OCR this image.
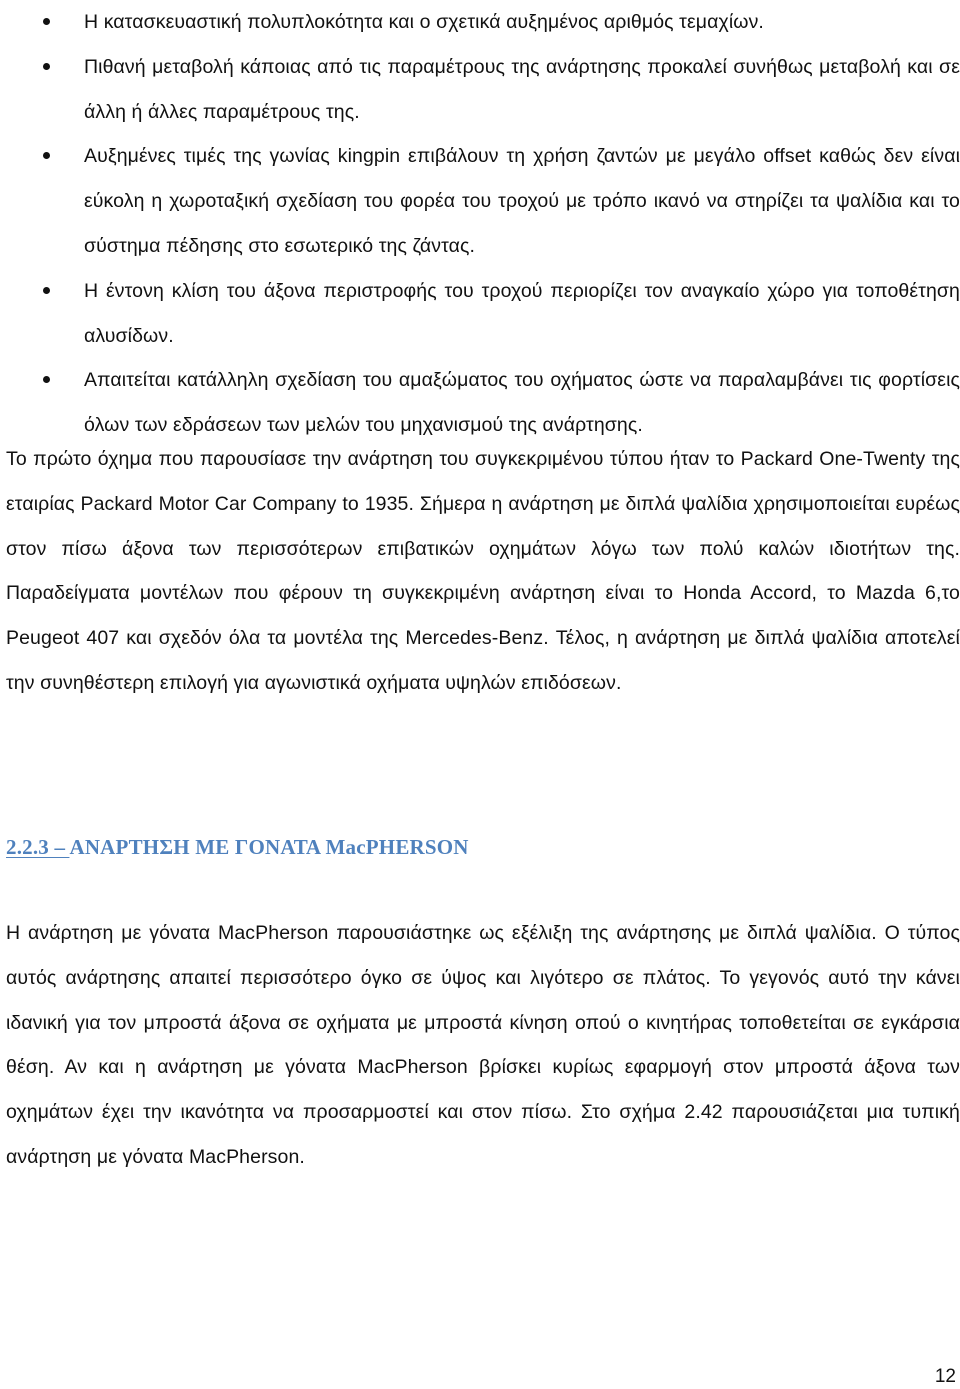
Η κατασκευαστική πολυπλοκότητα και ο σχετικά αυξημένος αριθμός τεμαχίων.
Πιθανή μεταβολή κάποιας από τις παραμέτρους της ανάρτησης προκαλεί συνήθως μεταβολή και σε άλλη ή άλλες παραμέτρους της.
Αυξημένες τιμές της γωνίας kingpin επιβάλουν τη χρήση ζαντών με μεγάλο offset καθώς δεν είναι εύκολη η χωροταξική σχεδίαση του φορέα του τροχού με τρόπο ικανό να στηρίζει τα ψαλίδια και το σύστημα πέδησης στο εσωτερικό της ζάντας.
Η έντονη κλίση του άξονα περιστροφής του τροχού περιορίζει τον αναγκαίο χώρο για τοποθέτηση αλυσίδων.
Απαιτείται κατάλληλη σχεδίαση του αμαξώματος του οχήματος ώστε να παραλαμβάνει τις φορτίσεις όλων των εδράσεων των μελών του μηχανισμού της ανάρτησης.

Το πρώτο όχημα που παρουσίασε την ανάρτηση του συγκεκριμένου τύπου ήταν το Packard One-Twenty της εταιρίας Packard Motor Car Company to 1935. Σήμερα η ανάρτηση με διπλά ψαλίδια χρησιμοποιείται ευρέως στον πίσω άξονα των περισσότερων επιβατικών οχημάτων λόγω των πολύ καλών ιδιοτήτων της. Παραδείγματα μοντέλων που φέρουν τη συγκεκριμένη ανάρτηση είναι το Honda Accord, το Mazda 6,το Peugeot 407 και σχεδόν όλα τα μοντέλα της Mercedes-Benz. Τέλος, η ανάρτηση με διπλά ψαλίδια αποτελεί την συνηθέστερη επιλογή για αγωνιστικά οχήματα υψηλών επιδόσεων.

2.2.3 – ΑΝΑΡΤΗΣΗ ΜΕ ΓΟΝΑΤΑ MacPHERSON

Η ανάρτηση με γόνατα MacPherson παρουσιάστηκε ως εξέλιξη της ανάρτησης με διπλά ψαλίδια. Ο τύπος αυτός ανάρτησης απαιτεί περισσότερο όγκο σε ύψος και λιγότερο σε πλάτος. Το γεγονός αυτό την κάνει ιδανική για τον μπροστά άξονα σε οχήματα με μπροστά κίνηση οπού ο κινητήρας τοποθετείται σε εγκάρσια θέση. Αν και η ανάρτηση με γόνατα MacPherson βρίσκει κυρίως εφαρμογή στον μπροστά άξονα των οχημάτων έχει την ικανότητα να προσαρμοστεί και στον πίσω. Στο σχήμα 2.42 παρουσιάζεται μια τυπική ανάρτηση με γόνατα MacPherson.

12
